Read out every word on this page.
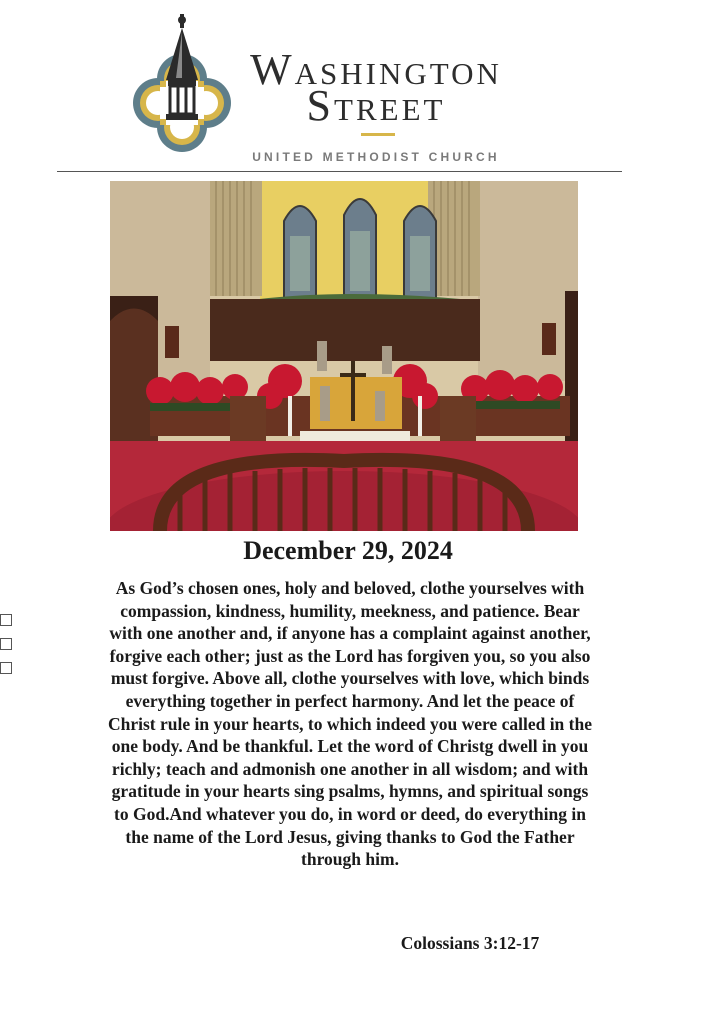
Washington
Street
UNITED METHODIST CHURCH
December 29, 2024

As God’s chosen ones, holy and beloved, clothe yourselves with compassion, kindness, humility, meekness, and patience. Bear with one another and, if anyone has a complaint against another, forgive each other; just as the Lord has forgiven you, so you also must forgive. Above all, clothe yourselves with love, which binds everything together in perfect harmony. And let the peace of Christ rule in your hearts, to which indeed you were called in the one body. And be thankful. Let the word of Christg dwell in you richly; teach and admonish one another in all wisdom; and with gratitude in your hearts sing psalms, hymns, and spiritual songs to God.And whatever you do, in word or deed, do everything in the name of the Lord Jesus, giving thanks to God the Father through him.

Colossians 3:12-17
